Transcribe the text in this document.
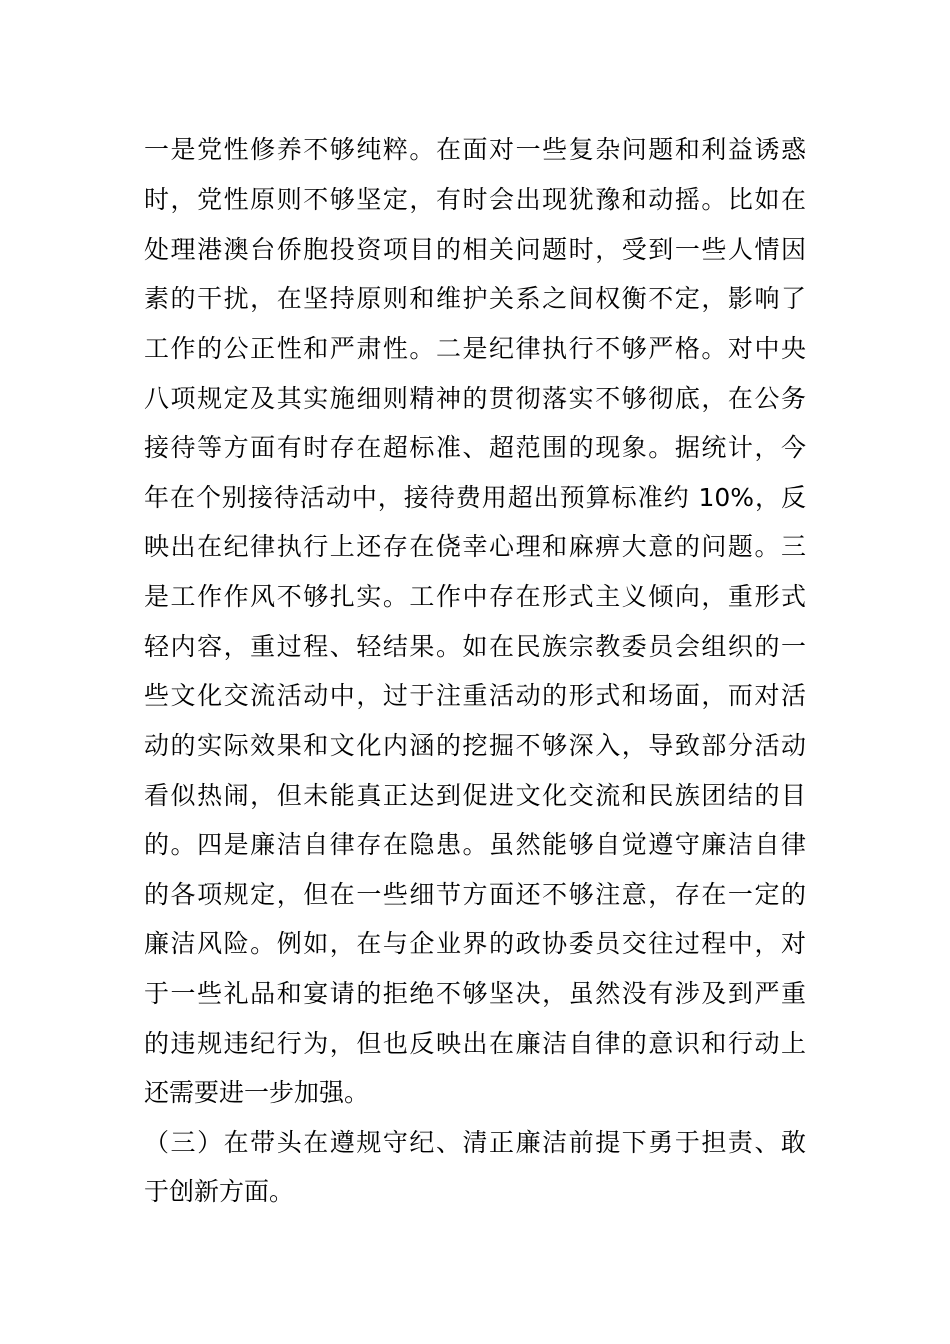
一是党性修养不够纯粹。在面对一些复杂问题和利益诱惑
时，党性原则不够坚定，有时会出现犹豫和动摇。比如在
处理港澳台侨胞投资项目的相关问题时，受到一些人情因
素的干扰，在坚持原则和维护关系之间权衡不定，影响了
工作的公正性和严肃性。二是纪律执行不够严格。对中央
八项规定及其实施细则精神的贯彻落实不够彻底，在公务
接待等方面有时存在超标准、超范围的现象。据统计，今
年在个别接待活动中，接待费用超出预算标准约 10%，反
映出在纪律执行上还存在侥幸心理和麻痹大意的问题。三
是工作作风不够扎实。工作中存在形式主义倾向，重形式
轻内容，重过程、轻结果。如在民族宗教委员会组织的一
些文化交流活动中，过于注重活动的形式和场面，而对活
动的实际效果和文化内涵的挖掘不够深入，导致部分活动
看似热闹，但未能真正达到促进文化交流和民族团结的目
的。四是廉洁自律存在隐患。虽然能够自觉遵守廉洁自律
的各项规定，但在一些细节方面还不够注意，存在一定的
廉洁风险。例如，在与企业界的政协委员交往过程中，对
于一些礼品和宴请的拒绝不够坚决，虽然没有涉及到严重
的违规违纪行为，但也反映出在廉洁自律的意识和行动上
还需要进一步加强。
（三）在带头在遵规守纪、清正廉洁前提下勇于担责、敢
于创新方面。
